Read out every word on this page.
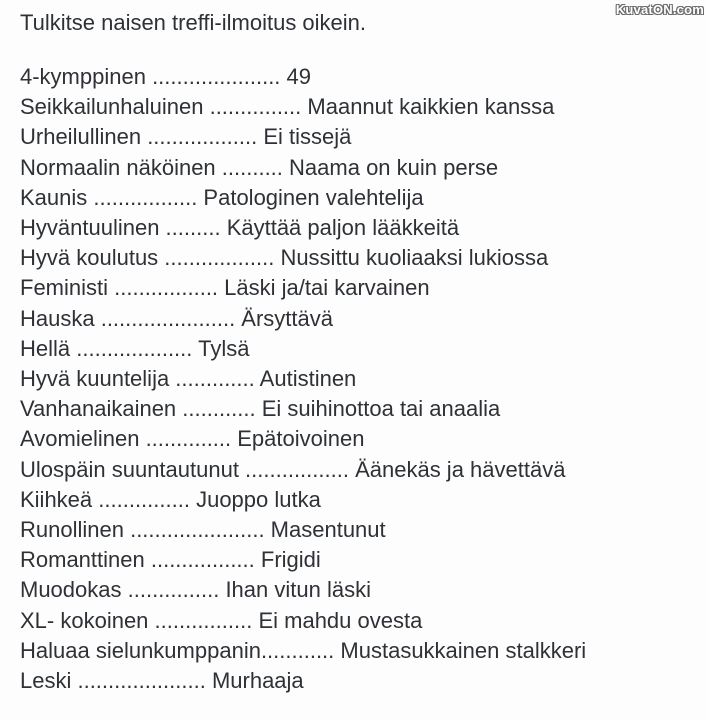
KuvatON.com
Tulkitse naisen treffi-ilmoitus oikein.
4-kymppinen ..................... 49
Seikkailunhaluinen ............... Maannut kaikkien kanssa
Urheilullinen .................. Ei tissejä
Normaalin näköinen .......... Naama on kuin perse
Kaunis ................. Patologinen valehtelija
Hyväntuulinen ......... Käyttää paljon lääkkeitä
Hyvä koulutus .................. Nussittu kuoliaaksi lukiossa
Feministi ................. Läski ja/tai karvainen
Hauska ...................... Ärsyttävä
Hellä ................... Tylsä
Hyvä kuuntelija ............. Autistinen
Vanhanaikainen ............ Ei suihinottoa tai anaalia
Avomielinen .............. Epätoivoinen
Ulospäin suuntautunut ................. Äänekäs ja hävettävä
Kiihkeä ............... Juoppo lutka
Runollinen ...................... Masentunut
Romanttinen ................. Frigidi
Muodokas ............... Ihan vitun läski
XL- kokoinen ................ Ei mahdu ovesta
Haluaa sielunkumppanin............ Mustasukkainen stalkkeri
Leski ..................... Murhaaja
